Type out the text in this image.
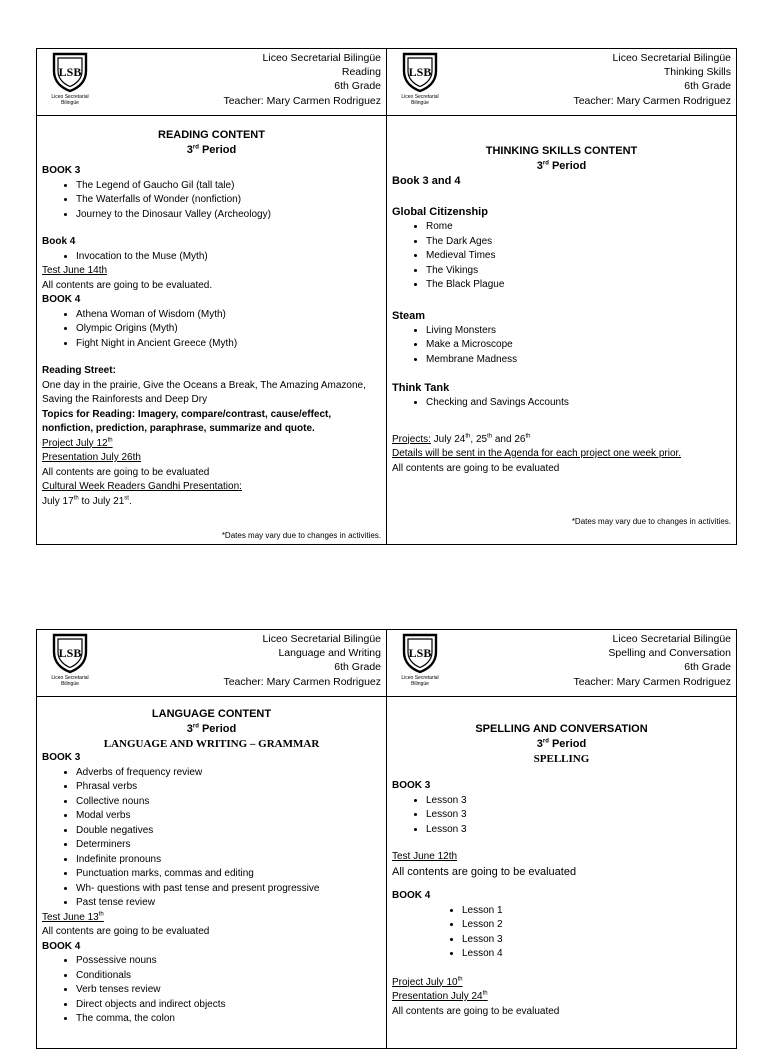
LSB
Liceo Secretarial
Bilingüe
Liceo Secretarial Bilingüe
Reading
6th Grade
Teacher: Mary Carmen Rodriguez
READING CONTENT
3rd Period
BOOK 3
• The Legend of Gaucho Gil (tall tale)
• The Waterfalls of Wonder (nonfiction)
• Journey to the Dinosaur Valley (Archeology)
Book 4
• Invocation to the Muse (Myth)
Test June 14th
All contents are going to be evaluated.
BOOK 4
• Athena Woman of Wisdom (Myth)
• Olympic Origins (Myth)
• Fight Night in Ancient Greece (Myth)
Reading Street:
One day in the prairie, Give the Oceans a Break, The Amazing Amazone, Saving the Rainforests and Deep Dry
Topics for Reading: Imagery, compare/contrast, cause/effect, nonfiction, prediction, paraphrase, summarize and quote.
Project July 12th
Presentation July 26th
All contents are going to be evaluated
Cultural Week Readers Gandhi Presentation:
July 17th to July 21st.
*Dates may vary due to changes in activities.
LSB
Liceo Secretarial
Bilingüe
Liceo Secretarial Bilingüe
Thinking Skills
6th Grade
Teacher: Mary Carmen Rodriguez
THINKING SKILLS CONTENT
3rd Period
Book 3 and 4
Global Citizenship
• Rome
• The Dark Ages
• Medieval Times
• The Vikings
• The Black Plague
Steam
• Living Monsters
• Make a Microscope
• Membrane Madness
Think Tank
• Checking and Savings Accounts
Projects: July 24th, 25th and 26th
Details will be sent in the Agenda for each project one week prior.
All contents are going to be evaluated
*Dates may vary due to changes in activities.
LSB
Liceo Secretarial
Bilingüe
Liceo Secretarial Bilingüe
Language and Writing
6th Grade
Teacher: Mary Carmen Rodriguez
LANGUAGE CONTENT
3rd Period
LANGUAGE AND WRITING – GRAMMAR
BOOK 3
• Adverbs of frequency review
• Phrasal verbs
• Collective nouns
• Modal verbs
• Double negatives
• Determiners
• Indefinite pronouns
• Punctuation marks, commas and editing
• Wh- questions with past tense and present progressive
• Past tense review
Test June 13th
All contents are going to be evaluated
BOOK 4
• Possessive nouns
• Conditionals
• Verb tenses review
• Direct objects and indirect objects
• The comma, the colon
LSB
Liceo Secretarial
Bilingüe
Liceo Secretarial Bilingüe
Spelling and Conversation
6th Grade
Teacher: Mary Carmen Rodriguez
SPELLING AND CONVERSATION
3rd Period
SPELLING
BOOK 3
• Lesson 3
• Lesson 3
• Lesson 3
Test June 12th
All contents are going to be evaluated
BOOK 4
• Lesson 1
• Lesson 2
• Lesson 3
• Lesson 4
Project July 10th
Presentation July 24th
All contents are going to be evaluated
